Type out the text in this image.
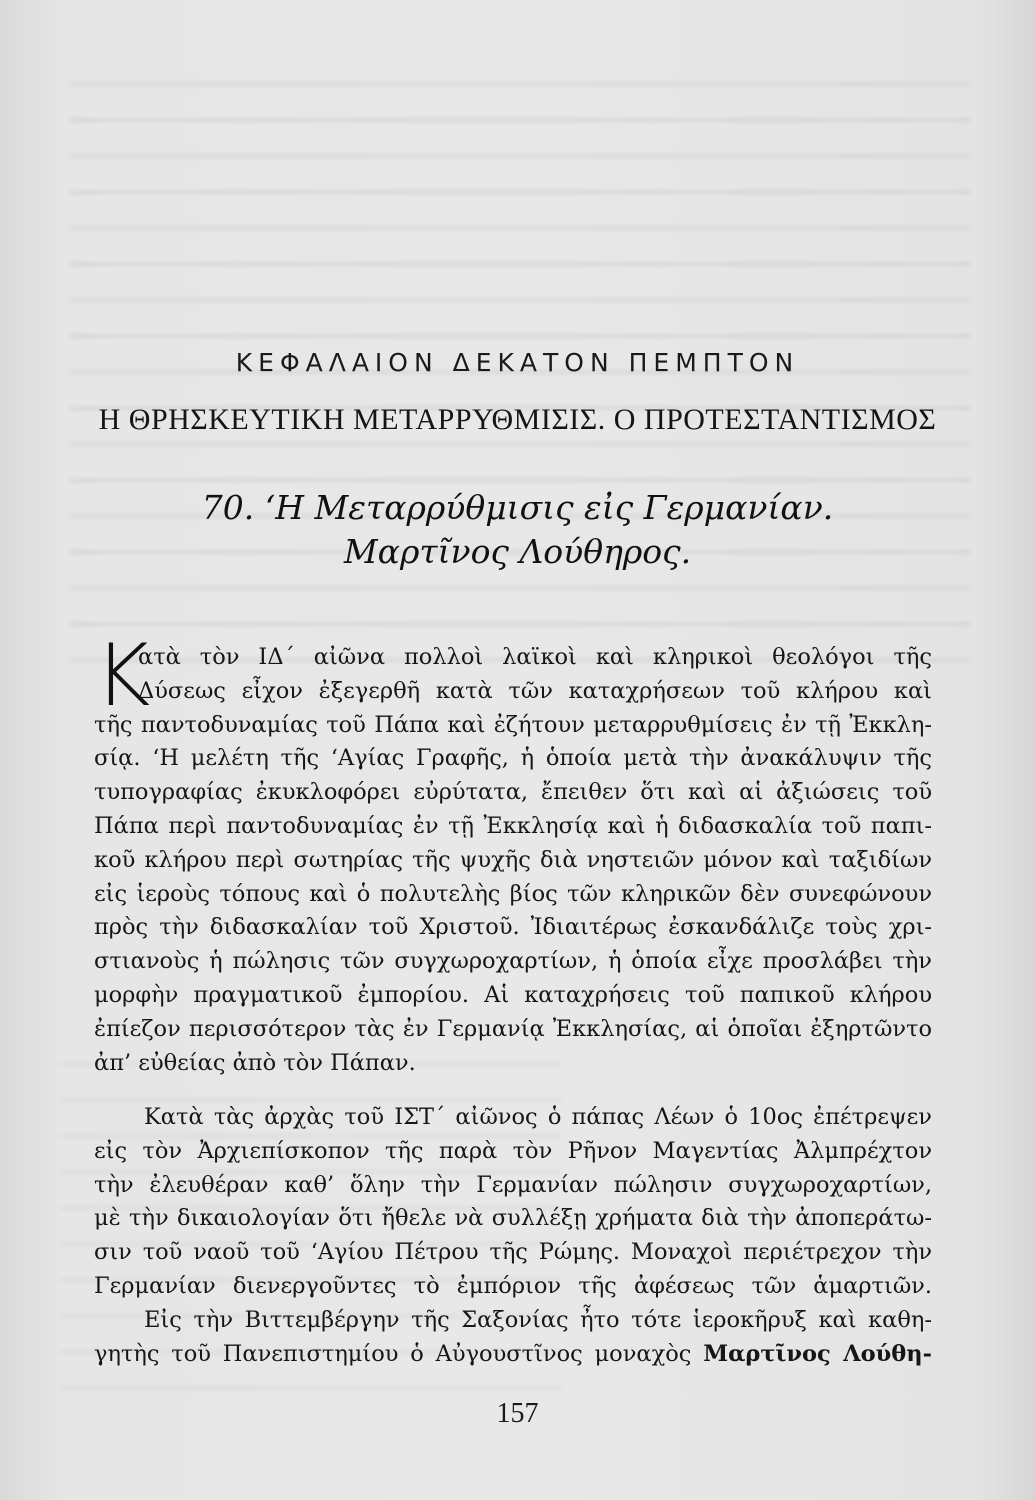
ΚΕΦΑΛΑΙΟΝ ΔΕΚΑΤΟΝ ΠΕΜΠΤΟΝ
Η ΘΡΗΣΚΕΥΤΙΚΗ ΜΕΤΑΡΡΥΘΜΙΣΙΣ. Ο ΠΡΟΤΕΣΤΑΝΤΙΣΜΟΣ
70. ‘Η Μεταρρύθμισις εἰς Γερμανίαν.
Μαρτῖνος Λούθηρος.
Κ
ατὰ τὸν ΙΔ΄ αἰῶνα πολλοὶ λαϊκοὶ καὶ κληρικοὶ θεολόγοι τῆς
Δύσεως εἶχον ἐξεγερθῆ κατὰ τῶν καταχρήσεων τοῦ κλήρου καὶ
τῆς παντοδυναμίας τοῦ Πάπα καὶ ἐζήτουν μεταρρυθμίσεις ἐν τῇ Ἐκκλη-
σίᾳ. ‘Η μελέτη τῆς ‘Αγίας Γραφῆς, ἡ ὁποία μετὰ τὴν ἀνακάλυψιν τῆς
τυπογραφίας ἐκυκλοφόρει εὐρύτατα, ἔπειθεν ὅτι καὶ αἱ ἀξιώσεις τοῦ
Πάπα περὶ παντοδυναμίας ἐν τῇ Ἐκκλησίᾳ καὶ ἡ διδασκαλία τοῦ παπι-
κοῦ κλήρου περὶ σωτηρίας τῆς ψυχῆς διὰ νηστειῶν μόνον καὶ ταξιδίων
εἰς ἱεροὺς τόπους καὶ ὁ πολυτελὴς βίος τῶν κληρικῶν δὲν συνεφώνουν
πρὸς τὴν διδασκαλίαν τοῦ Χριστοῦ. Ἰδιαιτέρως ἐσκανδάλιζε τοὺς χρι-
στιανοὺς ἡ πώλησις τῶν συγχωροχαρτίων, ἡ ὁποία εἶχε προσλάβει τὴν
μορφὴν πραγματικοῦ ἐμπορίου. Αἱ καταχρήσεις τοῦ παπικοῦ κλήρου
ἐπίεζον περισσότερον τὰς ἐν Γερμανίᾳ Ἐκκλησίας, αἱ ὁποῖαι ἐξηρτῶντο
ἀπ’ εὐθείας ἀπὸ τὸν Πάπαν.
Κατὰ τὰς ἀρχὰς τοῦ ΙΣΤ΄ αἰῶνος ὁ πάπας Λέων ὁ 10ος ἐπέτρεψεν
εἰς τὸν Ἀρχιεπίσκοπον τῆς παρὰ τὸν Ρῆνον Μαγεντίας Ἀλμπρέχτον
τὴν ἐλευθέραν καθ’ ὅλην τὴν Γερμανίαν πώλησιν συγχωροχαρτίων,
μὲ τὴν δικαιολογίαν ὅτι ἤθελε νὰ συλλέξῃ χρήματα διὰ τὴν ἀποπεράτω-
σιν τοῦ ναοῦ τοῦ ‘Αγίου Πέτρου τῆς Ρώμης. Μοναχοὶ περιέτρεχον τὴν
Γερμανίαν διενεργοῦντες τὸ ἐμπόριον τῆς ἀφέσεως τῶν ἁμαρτιῶν.
Εἰς τὴν Βιττεμβέργην τῆς Σαξονίας ἦτο τότε ἱεροκῆρυξ καὶ καθη-
γητὴς τοῦ Πανεπιστημίου ὁ Αὐγουστῖνος μοναχὸς Μαρτῖνος Λούθη-
157
